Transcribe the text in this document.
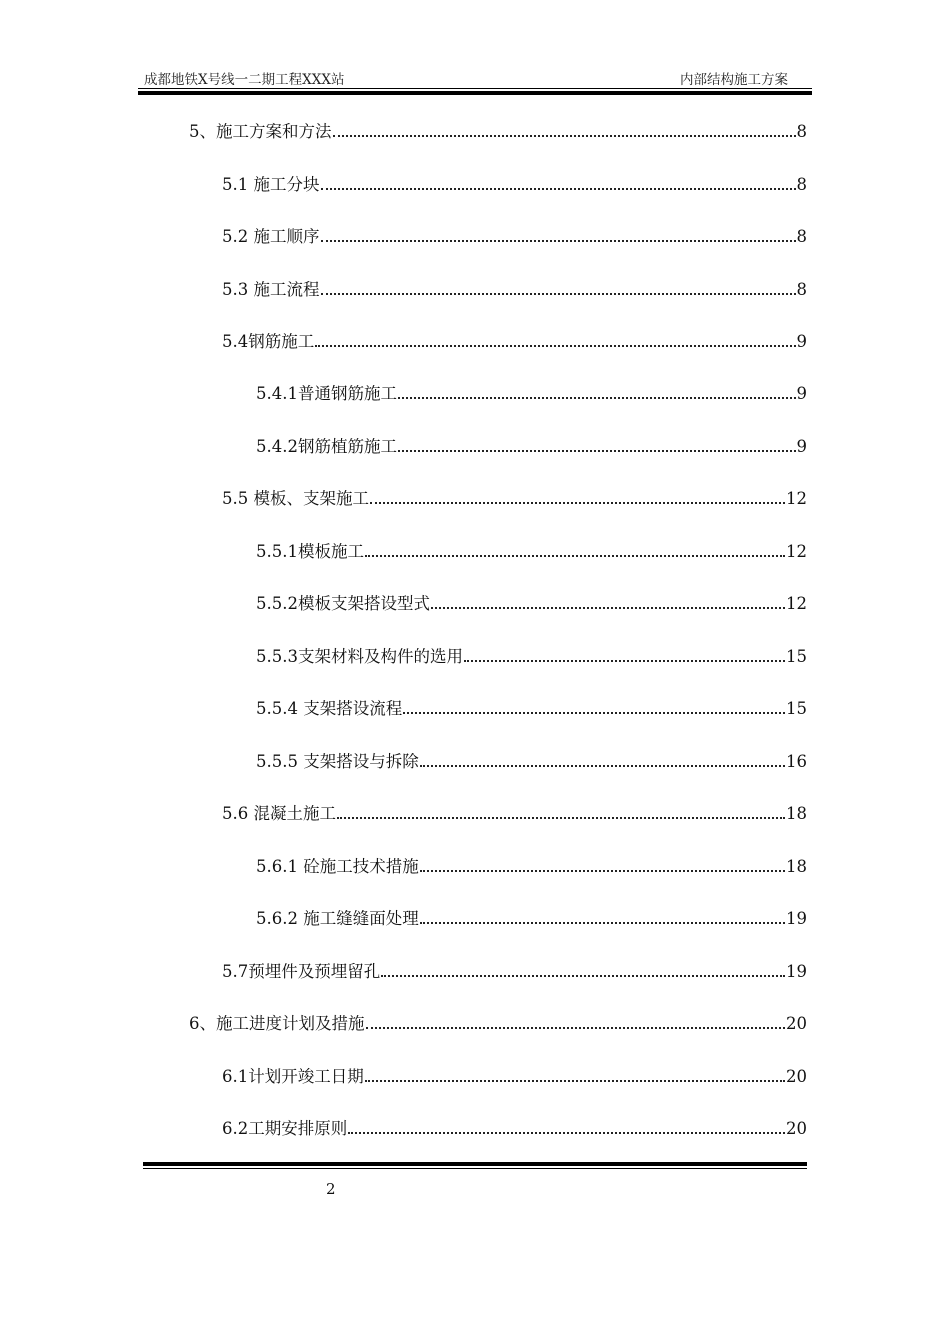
成都地铁X号线一二期工程XXX站	内部结构施工方案
5、施工方案和方法	8
5.1 施工分块	8
5.2 施工顺序	8
5.3 施工流程	8
5.4钢筋施工	9
5.4.1普通钢筋施工	9
5.4.2钢筋植筋施工	9
5.5 模板、支架施工	12
5.5.1模板施工	12
5.5.2模板支架搭设型式	12
5.5.3支架材料及构件的选用	15
5.5.4 支架搭设流程	15
5.5.5 支架搭设与拆除	16
5.6 混凝土施工	18
5.6.1 砼施工技术措施	18
5.6.2 施工缝缝面处理	19
5.7预埋件及预埋留孔	19
6、施工进度计划及措施	20
6.1计划开竣工日期	20
6.2工期安排原则	20
2
